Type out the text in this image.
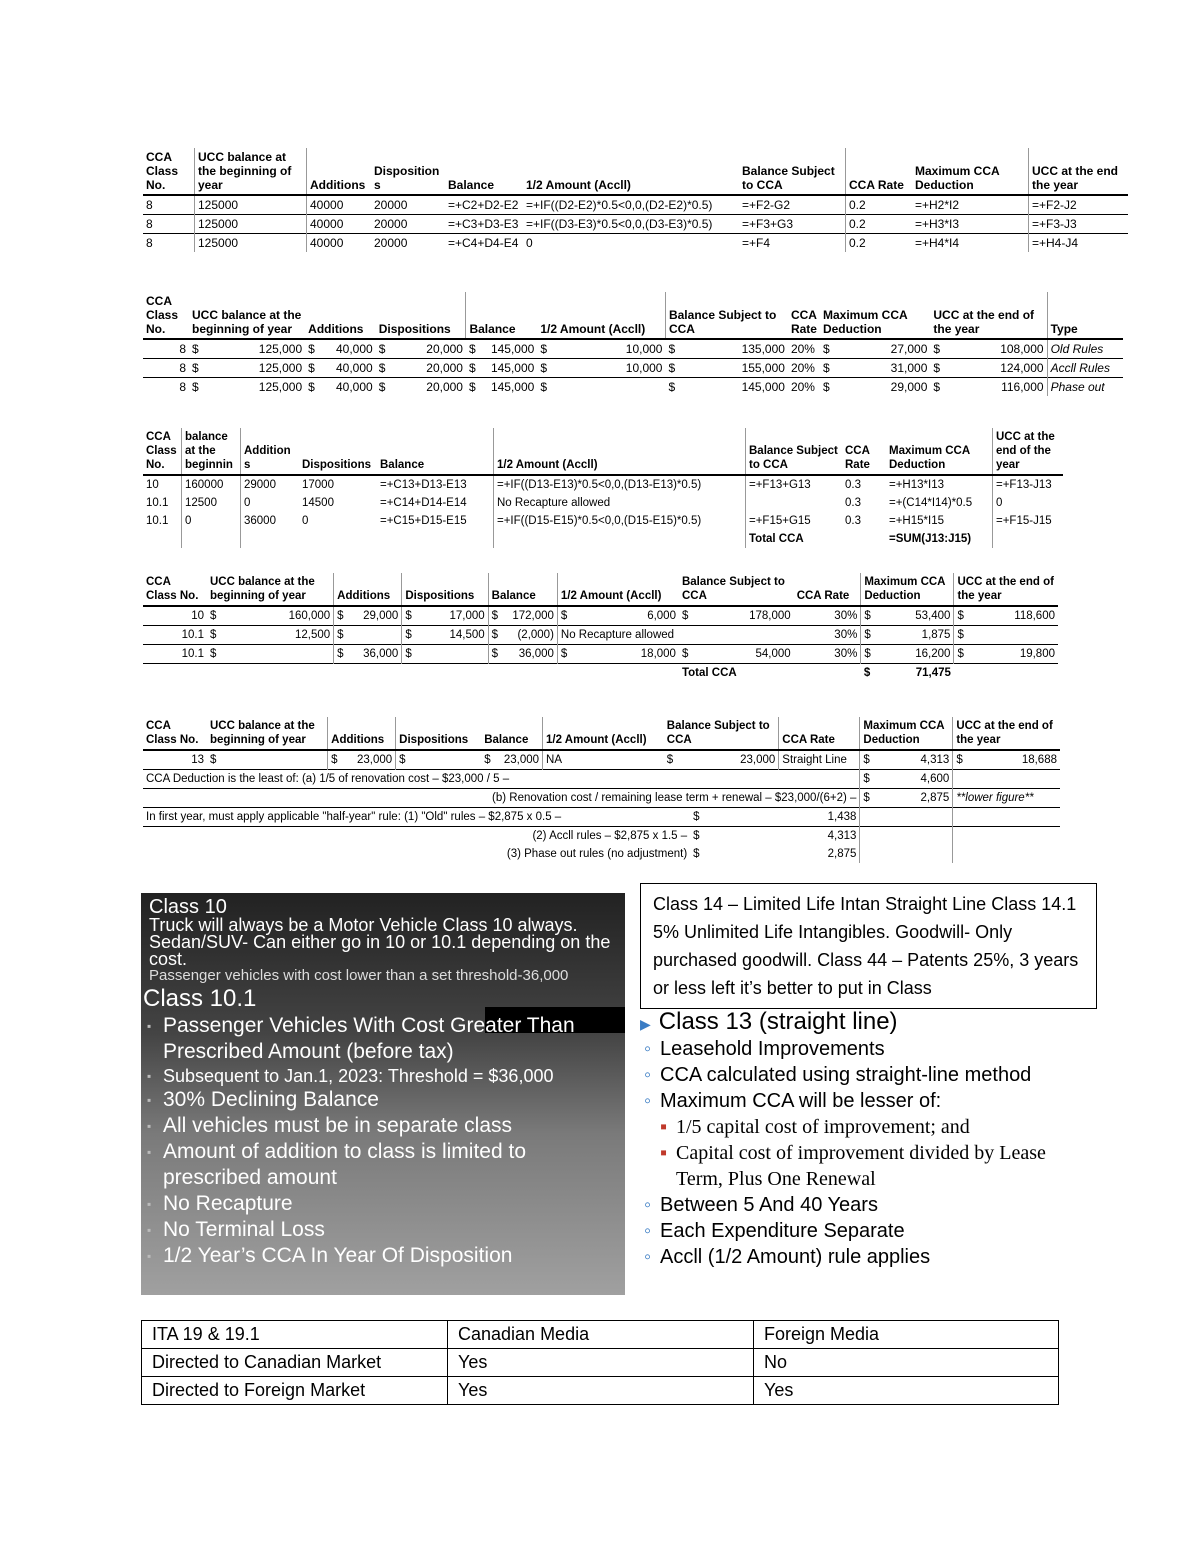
CCA Class No.	UCC balance at the beginning of year	Additions	Disposition s	Balance	1/2 Amount (Accll)	Balance Subject to CCA	CCA Rate	Maximum CCA Deduction	UCC at the end the year
8	125000	40000	20000	=+C2+D2-E2	=+IF((D2-E2)*0.5<0,0,(D2-E2)*0.5)	=+F2-G2	0.2	=+H2*I2	=+F2-J2
8	125000	40000	20000	=+C3+D3-E3	=+IF((D3-E3)*0.5<0,0,(D3-E3)*0.5)	=+F3+G3	0.2	=+H3*I3	=+F3-J3
8	125000	40000	20000	=+C4+D4-E4	0	=+F4	0.2	=+H4*I4	=+H4-J4
CCA Class No.	UCC balance at the beginning of year		Additions		Dispositions		Balance		1/2 Amount (Accll)		Balance Subject to CCA		CCA Rate	Maximum CCA Deduction		UCC at the end of the year		Type
8	$	125,000	$	40,000	$	20,000	$	145,000	$	10,000	$	135,000	20%	$	27,000	$	108,000	Old Rules
8	$	125,000	$	40,000	$	20,000	$	145,000	$	10,000	$	155,000	20%	$	31,000	$	124,000	Accll Rules
8	$	125,000	$	40,000	$	20,000	$	145,000	$		$	145,000	20%	$	29,000	$	116,000	Phase out
CCA Class No.	balance at the beginnin	Addition s	Dispositions	Balance	1/2 Amount (Accll)	Balance Subject to CCA	CCA Rate	Maximum CCA Deduction	UCC at the end of the year
10	160000	29000	17000	=+C13+D13-E13	=+IF((D13-E13)*0.5<0,0,(D13-E13)*0.5)	=+F13+G13	0.3	=+H13*I13	=+F13-J13
10.1	12500	0	14500	=+C14+D14-E14	No Recapture allowed		0.3	=+(C14*I14)*0.5	0
10.1	0	36000	0	=+C15+D15-E15	=+IF((D15-E15)*0.5<0,0,(D15-E15)*0.5)	=+F15+G15	0.3	=+H15*I15	=+F15-J15
						Total CCA		=SUM(J13:J15)	
CCA Class No.	UCC balance at the beginning of year		Additions		Dispositions		Balance		1/2 Amount (Accll)		Balance Subject to CCA		CCA Rate	Maximum CCA Deduction		UCC at the end of the year	
10	$	160,000	$	29,000	$	17,000	$	172,000	$	6,000	$	178,000	30%	$	53,400	$	118,600
10.1	$	12,500	$		$	14,500	$	(2,000)	No Recapture allowed				30%	$	1,875	$	
10.1	$		$	36,000	$		$	36,000	$	18,000	$	54,000	30%	$	16,200	$	19,800
											Total CCA			$	71,475		
CCA Class No.	UCC balance at the beginning of year		Additions		Dispositions	Balance		1/2 Amount (Accll)	Balance Subject to CCA		CCA Rate	Maximum CCA Deduction		UCC at the end of the year	
13	$		$	23,000	$	$	23,000	NA	$	23,000	Straight Line	$	4,313	$	18,688
CCA Deduction is the least of: (a) 1/5 of renovation cost – $23,000 / 5 –												$	4,600		
(b) Renovation cost / remaining lease term + renewal – $23,000/(6+2) –												$	2,875	**lower figure**	
In first year, must apply applicable "half-year" rule: (1) "Old" rules – $2,875 x 0.5 –										$	1,438				
(2) Accll rules – $2,875 x 1.5 –										$	4,313				
(3) Phase out rules (no adjustment)										$	2,875				
Class 10
Truck will always be a Motor Vehicle Class 10 always.
Sedan/SUV- Can either go in 10 or 10.1 depending on the cost.
Passenger vehicles with cost lower than a set threshold-36,000
Class 10.1
▪ Passenger Vehicles With Cost Greater Than Prescribed Amount (before tax)
▪ Subsequent to Jan.1, 2023: Threshold = $36,000
▪ 30% Declining Balance
▪ All vehicles must be in separate class
▪ Amount of addition to class is limited to prescribed amount
▪ No Recapture
▪ No Terminal Loss
▪ 1/2 Year’s CCA In Year Of Disposition
Class 14 – Limited Life Intan Straight Line Class 14.1 5% Unlimited Life Intangibles. Goodwill- Only purchased goodwill. Class 44 – Patents 25%, 3 years or less left it’s better to put in Class
▶ Class 13 (straight line)
◦ Leasehold Improvements
◦ CCA calculated using straight-line method
◦ Maximum CCA will be lesser of:
▪ 1/5 capital cost of improvement; and
▪ Capital cost of improvement divided by Lease Term, Plus One Renewal
◦ Between 5 And 40 Years
◦ Each Expenditure Separate
◦ Accll (1/2 Amount) rule applies
ITA 19 & 19.1	Canadian Media	Foreign Media
Directed to Canadian Market	Yes	No
Directed to Foreign Market	Yes	Yes
